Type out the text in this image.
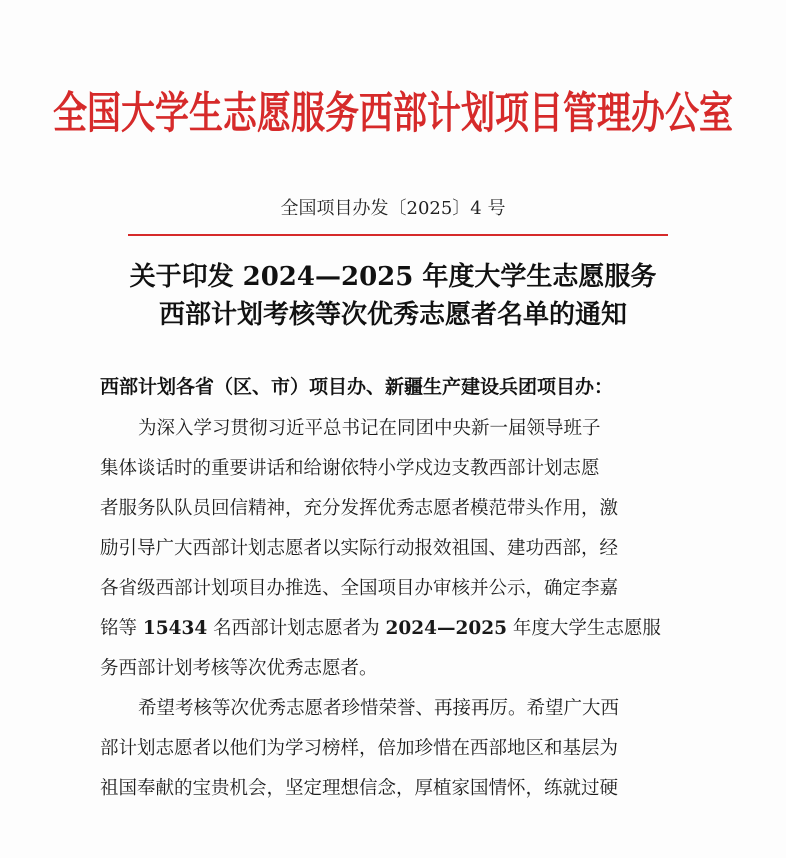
全国大学生志愿服务西部计划项目管理办公室
全国项目办发〔2025〕4 号
关于印发 2024—2025 年度大学生志愿服务
西部计划考核等次优秀志愿者名单的通知
西部计划各省（区、市）项目办、新疆生产建设兵团项目办：
为深入学习贯彻习近平总书记在同团中央新一届领导班子
集体谈话时的重要讲话和给谢依特小学戍边支教西部计划志愿
者服务队队员回信精神，充分发挥优秀志愿者模范带头作用，激
励引导广大西部计划志愿者以实际行动报效祖国、建功西部，经
各省级西部计划项目办推选、全国项目办审核并公示，确定李嘉
铭等 15434 名西部计划志愿者为 2024—2025 年度大学生志愿服
务西部计划考核等次优秀志愿者。
希望考核等次优秀志愿者珍惜荣誉、再接再厉。希望广大西
部计划志愿者以他们为学习榜样，倍加珍惜在西部地区和基层为
祖国奉献的宝贵机会，坚定理想信念，厚植家国情怀，练就过硬
